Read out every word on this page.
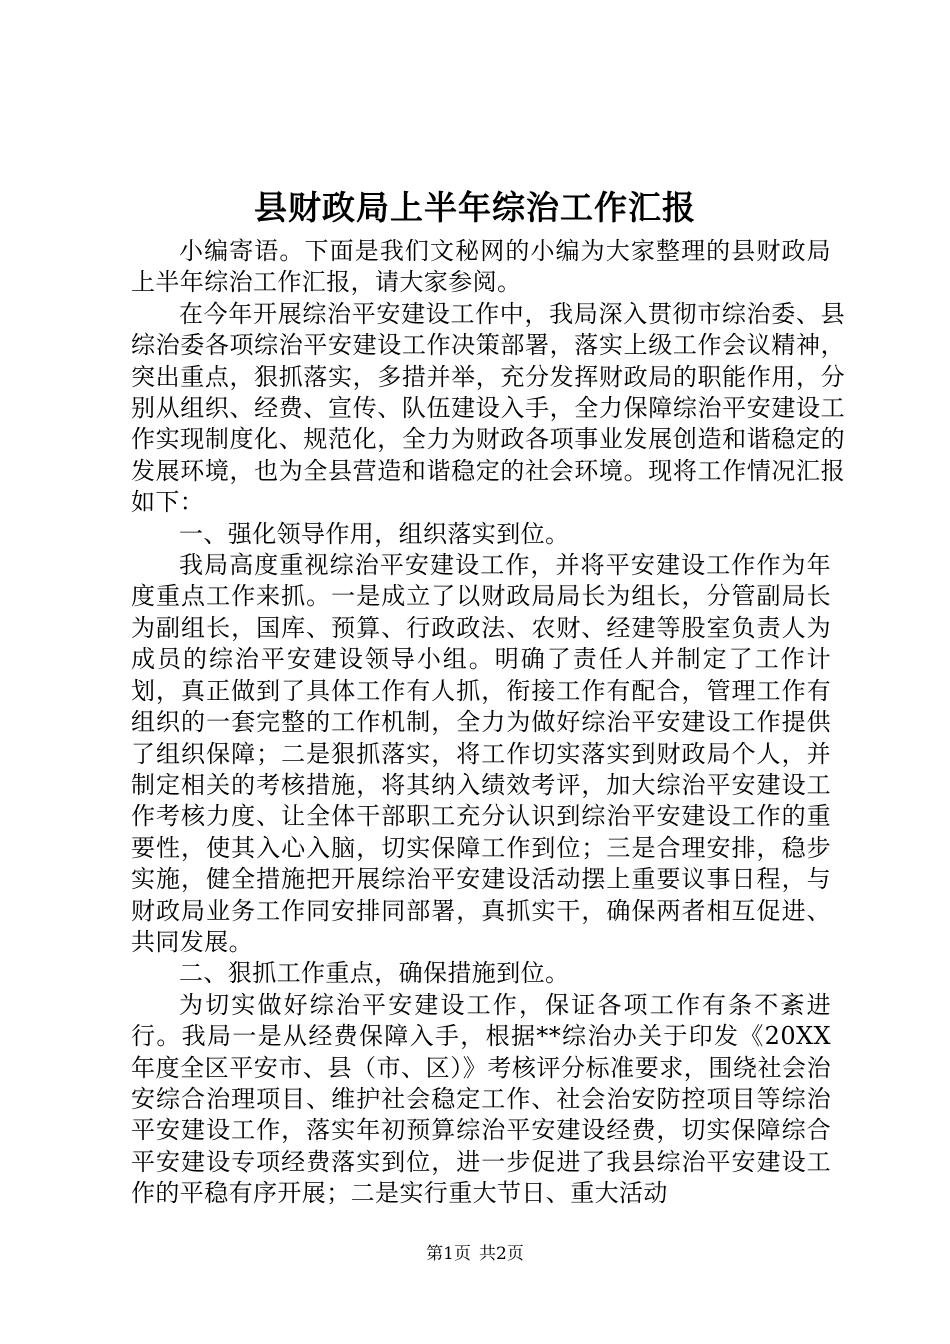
县财政局上半年综治工作汇报

小编寄语。下面是我们文秘网的小编为大家整理的县财政局上半年综治工作汇报，请大家参阅。

在今年开展综治平安建设工作中，我局深入贯彻市综治委、县综治委各项综治平安建设工作决策部署，落实上级工作会议精神，突出重点，狠抓落实，多措并举，充分发挥财政局的职能作用，分别从组织、经费、宣传、队伍建设入手，全力保障综治平安建设工作实现制度化、规范化，全力为财政各项事业发展创造和谐稳定的发展环境，也为全县营造和谐稳定的社会环境。现将工作情况汇报如下：

一、强化领导作用，组织落实到位。

我局高度重视综治平安建设工作，并将平安建设工作作为年度重点工作来抓。一是成立了以财政局局长为组长，分管副局长为副组长，国库、预算、行政政法、农财、经建等股室负责人为成员的综治平安建设领导小组。明确了责任人并制定了工作计划，真正做到了具体工作有人抓，衔接工作有配合，管理工作有组织的一套完整的工作机制，全力为做好综治平安建设工作提供了组织保障；二是狠抓落实，将工作切实落实到财政局个人，并制定相关的考核措施，将其纳入绩效考评，加大综治平安建设工作考核力度、让全体干部职工充分认识到综治平安建设工作的重要性，使其入心入脑，切实保障工作到位；三是合理安排，稳步实施，健全措施把开展综治平安建设活动摆上重要议事日程，与财政局业务工作同安排同部署，真抓实干，确保两者相互促进、共同发展。

二、狠抓工作重点，确保措施到位。

为切实做好综治平安建设工作，保证各项工作有条不紊进行。我局一是从经费保障入手，根据**综治办关于印发《20XX年度全区平安市、县（市、区）》考核评分标准要求，围绕社会治安综合治理项目、维护社会稳定工作、社会治安防控项目等综治平安建设工作，落实年初预算综治平安建设经费，切实保障综合平安建设专项经费落实到位，进一步促进了我县综治平安建设工作的平稳有序开展；二是实行重大节日、重大活动

第1页 共2页
